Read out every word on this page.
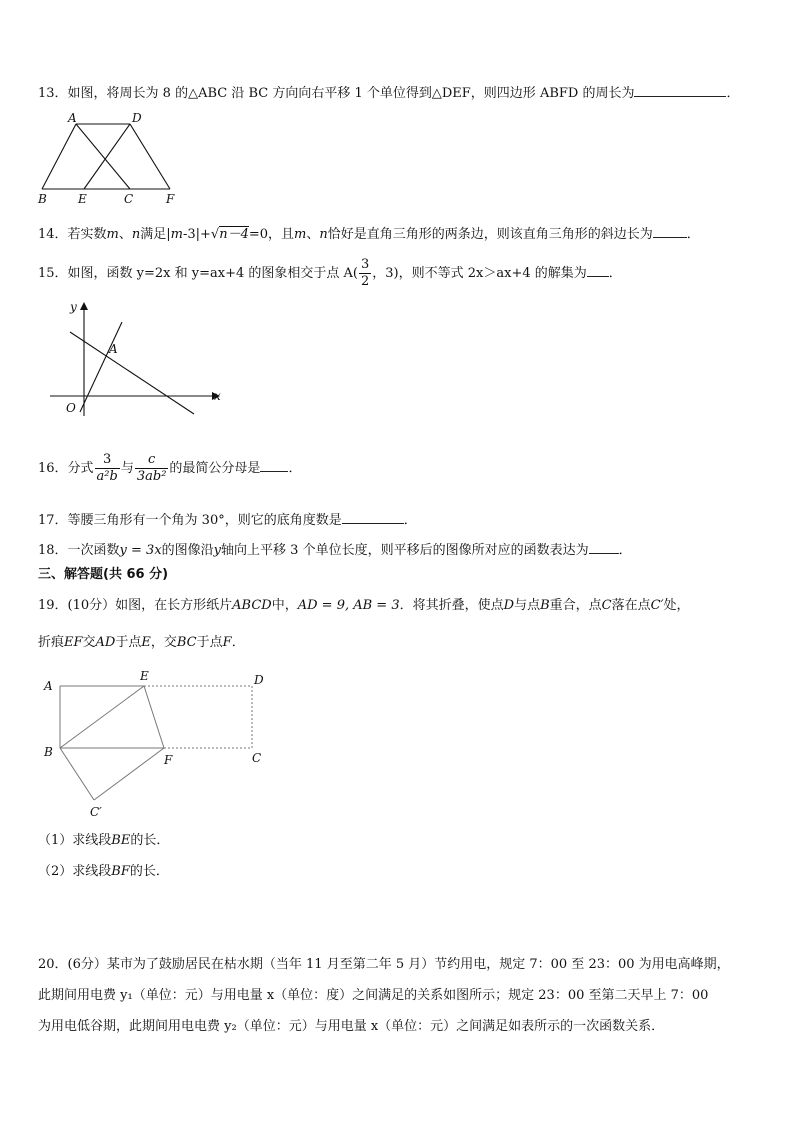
13．如图，将周长为 8 的△ABC 沿 BC 方向向右平移 1 个单位得到△DEF，则四边形 ABFD 的周长为	．
A	D
B	E	C	F
14．若实数m、n满足|m-3|+√n－4=0，且m、n恰好是直角三角形的两条边，则该直角三角形的斜边长为	．
15．如图，函数 y=2x 和 y=ax+4 的图象相交于点 $A( \frac{3}{2}$ ，3)，则不等式 2x＞ax+4 的解集为 ．
y
A
x
O
16．分式 $\frac{3}{\text{a²b}}$ 与 $\frac{c}{\text{3ab²}}$ 的最简公分母是 ．
17．等腰三角形有一个角为 30°，则它的底角度数是	．
18．一次函数y = 3x的图像沿y轴向上平移 3 个单位长度，则平移后的图像所对应的函数表达为 ．
三、解答题(共 66 分)
19．(10分）如图，在长方形纸片ABCD中，AD = 9, AB = 3．将其折叠，使点D与点B重合，点C落在点C′处，
折痕EF交AD于点E，交BC于点F．
A
E	D
B
F	C
C′
（1）求线段BE的长．
（2）求线段BF的长．
20．(6分）某市为了鼓励居民在枯水期（当年 11 月至第二年 5 月）节约用电，规定 7：00 至 23：00 为用电高峰期，
此期间用电费 y₁（单位：元）与用电量 x（单位：度）之间满足的关系如图所示；规定 23：00 至第二天早上 7：00
为用电低谷期，此期间用电电费 y₂（单位：元）与用电量 x（单位：元）之间满足如表所示的一次函数关系．
